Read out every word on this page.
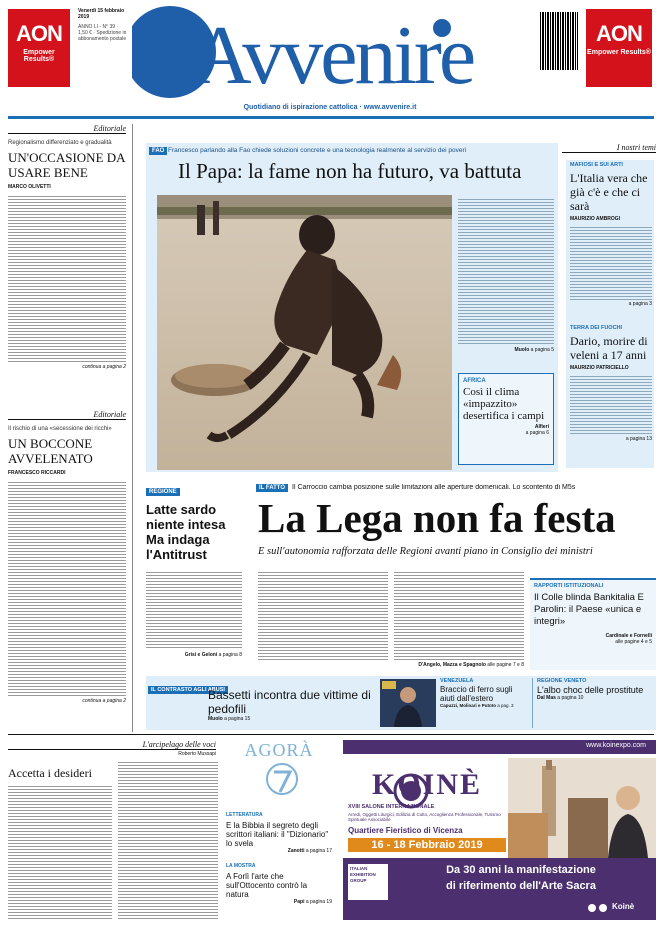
AON
Empower Results®
Venerdì 15 febbraio 2019
ANNO LI - N° 39 · 1,50 € · Spedizione in abbonamento postale Avvenire
Quotidiano di ispirazione cattolica · www.avvenire.it
AON
Empower Results®
Editoriale
Regionalismo differenziato e gradualità
UN'OCCASIONE DA USARE BENE
MARCO OLIVETTI
continua a pagina 2
Editoriale
Il rischio di una «secessione dei ricchi»
UN BOCCONE AVVELENATO
FRANCESCO RICCARDI
continua a pagina 2
FAO Francesco parlando alla Fao chiede soluzioni concrete e una tecnologia realmente al servizio dei poveri
Il Papa: la fame non ha futuro, va battuta
Muolo a pagina 5
AFRICA
Così il clima «impazzito» desertifica i campi
Alfieri
a pagina 6
I nostri temi
MAFIOSI E SUI ARTI
L'Italia vera che già c'è e che ci sarà
MAURIZIO AMBROGI
a pagina 3
TERRA DEI FUOCHI
Dario, morire di veleni a 17 anni
MAURIZIO PATRICIELLO
a pagina 13
REGIONE
Latte sardo niente intesa Ma indaga l'Antitrust
Grisi e Geloni a pagina 8
IL FATTO Il Carroccio cambia posizione sulle limitazioni alle aperture domenicali. Lo scontento di M5s
La Lega non fa festa
E sull'autonomia rafforzata delle Regioni avanti piano in Consiglio dei ministri
D'Angelo, Mazza e Spagnolo alle pagine 7 e 8
RAPPORTI ISTITUZIONALI
Il Colle blinda Bankitalia E Parolin: il Paese «unica e integri»
Cardinale e Fornelli
alle pagine 4 e 5
IL CONTRASTO AGLI ABUSI
Bassetti incontra due vittime di pedofili
Muolo a pagina 15
VENEZUELA
Braccio di ferro sugli aiuti dall'estero
Capuzzi, Molinari e Putoto a pag. 3
REGIONE VENETO
L'albo choc delle prostitute
Dal Mas a pagina 10
L'arcipelago delle voci
Roberto Mussapi
Accetta i desideri
AGORÀ
LETTERATURA
E la Bibbia il segreto degli scrittori italiani: il "Dizionario" lo svela
Zanotti a pagina 17
LA MOSTRA
A Forlì l'arte che sull'Ottocento contrò la natura
Papi a pagina 19
www.koinexpo.com
KOINÈ
XVIII SALONE INTERNAZIONALE
Arredi, Oggetti Liturgici, Edilizia di Culto, Accoglienza Professionale, Turismo Spirituale Associabile
Quartiere Fieristico di Vicenza
16 - 18 Febbraio 2019
ITALIAN EXHIBITION GROUP
Da 30 anni la manifestazione
di riferimento dell'Arte Sacra
Koinè
